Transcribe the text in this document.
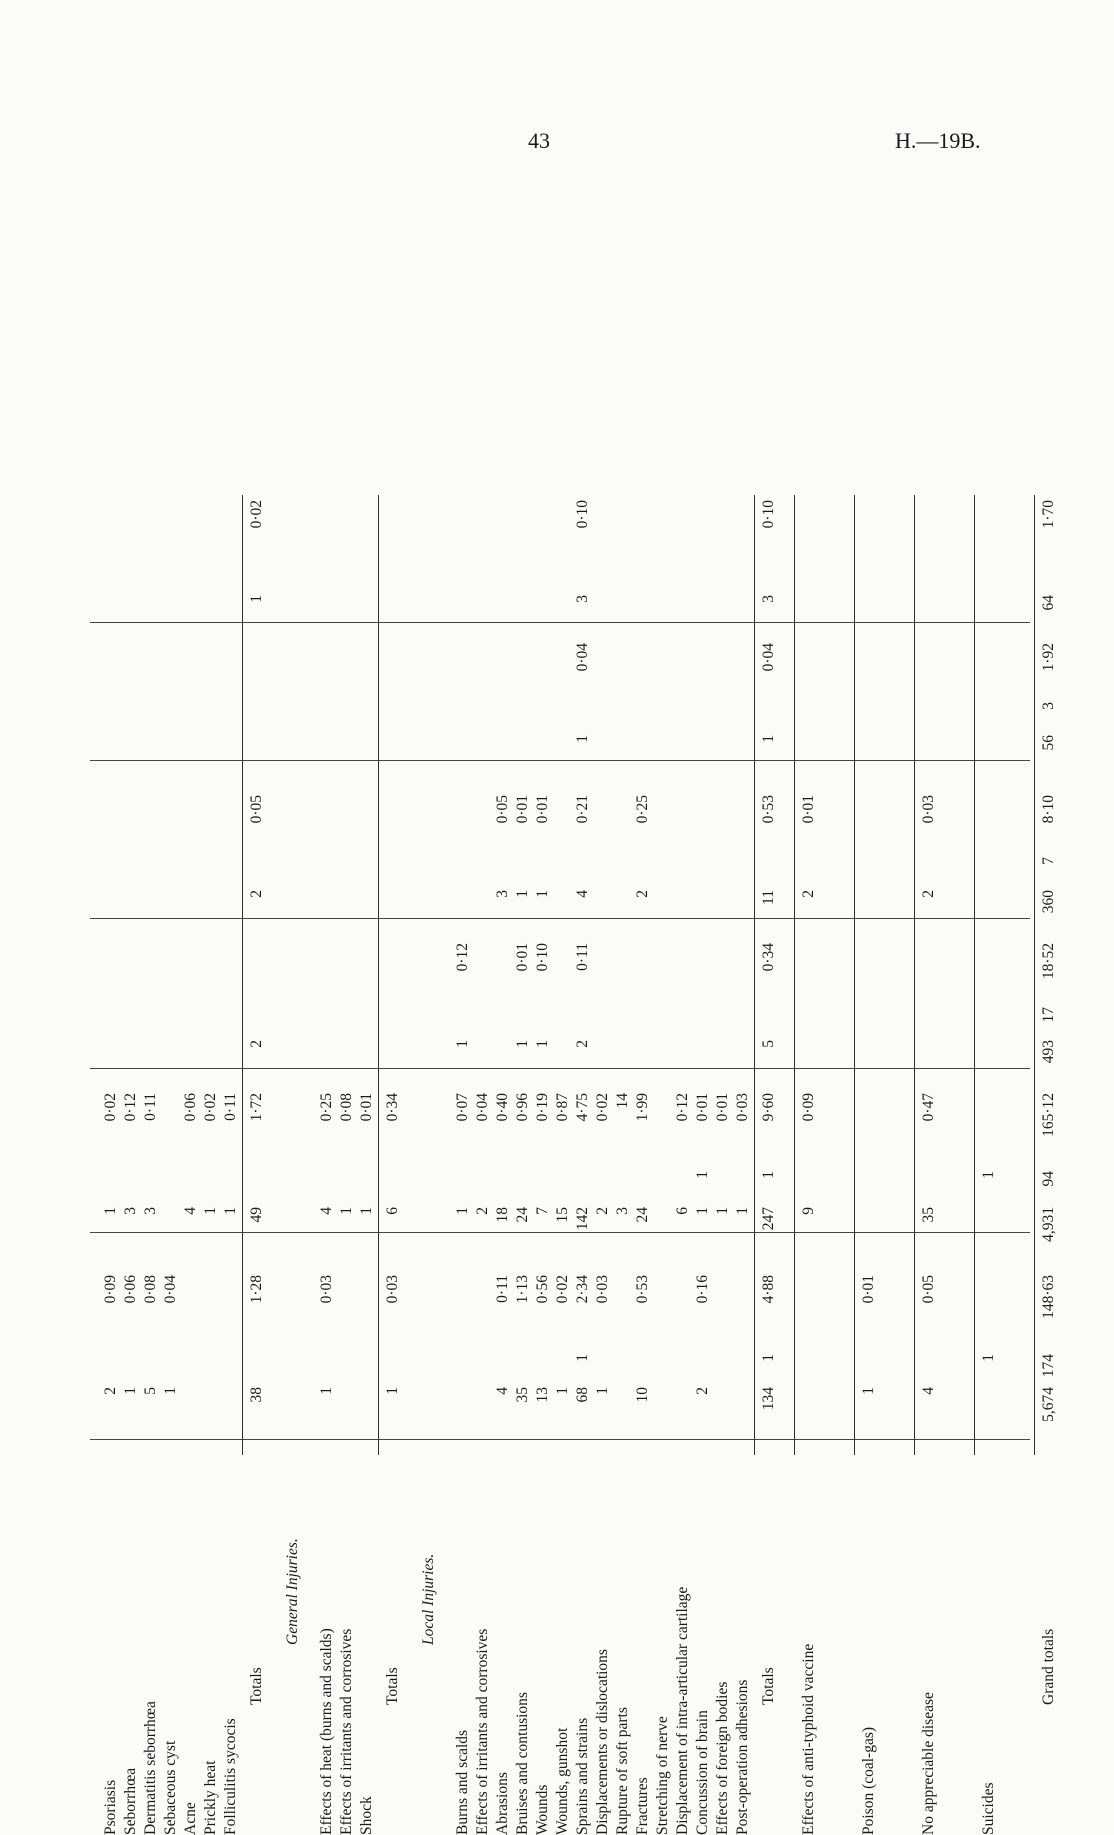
43	H.—19B.
Psoriasis
2
0·09
1
0·02
Seborrhœa
1
0·06
3
0·12
Dermatitis seborrhœa
5
0·08
3
0·11
Sebaceous cyst
1
0·04
Acne
4
0·06
Prickly heat
1
0·02
Folliculitis sycocis
1
0·11
Totals
38
1·28
49
1·72
2
2
0·05
1
0·02
General Injuries.
Effects of heat (burns and scalds)
1
0·03
4
0·25
Effects of irritants and corrosives
1
0·08
Shock
1
0·01
Totals
1
0·03
6
0·34
Local Injuries.
Burns and scalds
1
0·07
1
0·12
Effects of irritants and corrosives
2
0·04
Abrasions
4
0·11
18
0·40
3
0·05
Bruises and contusions
35
1·13
24
0·96
1
0·01
1
0·01
Wounds
13
0·56
7
0·19
1
0·10
1
0·01
Wounds, gunshot
1
0·02
15
0·87
Sprains and strains
68
1
2·34
142
4·75
2
0·11
4
0·21
1
0·04
3
0·10
Displacements or dislocations
1
0·03
2
0·02
Rupture of soft parts
3
14
Fractures
10
0·53
24
1·99
2
0·25
Stretching of nerve Displacement of intra-articular cartilage
6
0·12
Concussion of brain
2
0·16
1
1
0·01
Effects of foreign bodies
1
0·01
Post-operation adhesions
1
0·03
Totals
134
1
4·88
247
1
9·60
5
0·34
11
0·53
1
0·04
3
0·10
Effects of anti-typhoid vaccine
9
0·09
2
0·01
Poison (coal-gas)
1
0·01
No appreciable disease
4
0·05
35
0·47
2
0·03
Suicides
1
1
Grand totals
5,674
174
148·63
4,931
94
165·12
493
17
18·52
360
7
8·10
56
3
1·92
64
1·70
